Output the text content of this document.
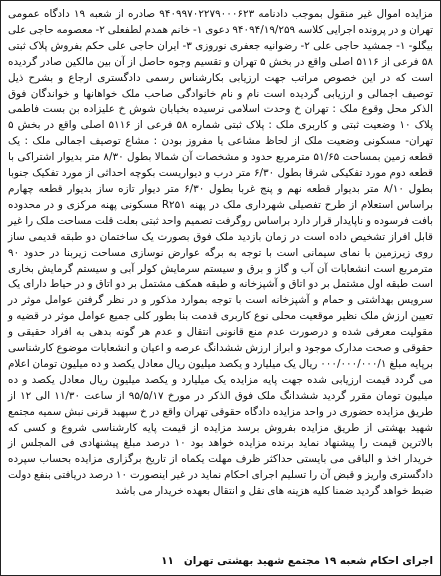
مزایده اموال غیر منقول بموجب دادنامه ۹۴۰۹۹۷۰۲۲۷۹۰۰۰۶۲۳ صادره از شعبه ۱۹ دادگاه عمومی تهران و در پرونده اجرایی کلاسه ۹۴۰۹۴/۱۹/۲۵۹ دعوی ۱- خانم همدم لطفعلی ۲- معصومه حاجی علی بیگلو- ۱- جمشید حاجی علی ۲- رضوانیه جعفری نوروزی ۳- ایران حاجی علی حکم بفروش پلاک ثبتی ۵۸ فرعی از ۵۱۱۶ اصلی واقع در بخش ۵ تهران و تقسیم وجوه حاصل از آن بین مالکین صادر گردیده است که در این خصوص مراتب جهت ارزیابی بکارشناس رسمی دادگستری ارجاع و بشرح ذیل توصیف اجمالی و ارزیابی گردیده است نام و نام خانوادگی صاحب ملک خواهانها و خواندگان فوق الذکر محل وقوع ملک : تهران خ وحدت اسلامی نرسیده بخیابان شوش خ علیزاده بن بست فاطمی پلاک ۱۰ وضعیت ثبتی و کاربری ملک : پلاک ثبتی شماره ۵۸ فرعی از ۵۱۱۶ اصلی واقع در بخش ۵ تهران- مسکونی وضعیت ملک از لحاظ مشاعی یا مفروز بودن : مشاع توصیف اجمالی ملک : یک قطعه زمین بمساحت ۵۱/۶۵ مترمربع حدود و مشخصات آن شمالا بطول ۸/۳۰ متر بدیوار اشتراکی با قطعه دوم مورد تفکیکی شرقا بطول ۶/۳۰ متر درب و دیواریست بکوچه احداثی از مورد تفکیک جنوبا بطول ۸/۱۰ متر بدیوار قطعه نهم و پنج غربا بطول ۶/۳۰ متر دیوار تازه ساز بدیوار قطعه چهارم براساس استعلام از طرح تفصیلی شهرداری ملک در پهنه R۲۵۱ مسکونی پهنه مرکزی و در محدوده بافت فرسوده و ناپایدار قرار دارد براساس روگرفت تصمیم واحد ثبتی بعلت قلت مساحت ملک را غیر قابل افراز تشخیص داده است در زمان بازدید ملک فوق بصورت یک ساختمان دو طبقه قدیمی ساز روی زیرزمین با نمای سیمانی است با توجه به برگه عوارض نوسازی مساحت زیربنا در حدود ۹۰ مترمربع است انشعابات آن آب و گاز و برق و سیستم سرمایش کولر آبی و سیستم گرمایش بخاری است طبقه اول مشتمل بر دو اتاق و آشپزخانه و طبقه همکف مشتمل بر دو اتاق و در حیاط دارای یک سرویس بهداشتی و حمام و آشپزخانه است با توجه بموارد مذکور و در نظر گرفتن عوامل موثر در تعیین ارزش ملک نظیر موقعیت محلی نوع کاربری قدمت بنا بطور کلی جمیع عوامل موثر در قضیه و مقولیت معرفی شده و درصورت عدم منع قانونی انتقال و عدم هر گونه بدهی به افراد حقیقی و حقوقی و صحت مدارک موجود و ابراز ارزش ششدانگ عرصه و اعیان و انشعابات موضوع کارشناسی برپایه مبلغ ۰۰۰/۰۰۰/۰۰۰/۱ ریال یک میلیارد و یکصد میلیون ریال معادل یکصد و ده میلیون تومان اعلام می گردد قیمت ارزیابی شده جهت پایه مزایده یک میلیارد و یکصد میلیون ریال معادل یکصد و ده میلیون تومان مقرر گردید ششدانگ ملک فوق الذکر در مورخ ۹۵/۵/۱۷ از ساعت ۱۱/۳۰ الی ۱۲ از طریق مزایده حضوری در واحد مزایده دادگاه حقوقی تهران واقع در خ سپهبد قرنی نبش سمیه مجتمع شهید بهشتی از طریق مزایده بفروش برسد مزایده از قیمت پایه کارشناسی شروع و کسی که بالاترین قیمت را پیشنهاد نماید برنده مزایده خواهد بود ۱۰ درصد مبلغ پیشنهادی فی المجلس از خریدار اخذ و الباقی می بایستی حداکثر ظرف مهلت یکماه از تاریخ برگزاری مزایده بحساب سپرده دادگستری واریز و قبض آن را تسلیم اجرای احکام نماید در غیر اینصورت ۱۰ درصد دریافتی بنفع دولت ضبط خواهد گردید ضمنا کلیه هزینه های نقل و انتقال بعهده خریدار می باشد
اجرای احکام شعبه ۱۹ مجتمع شهید بهشتی تهران
۱۱
